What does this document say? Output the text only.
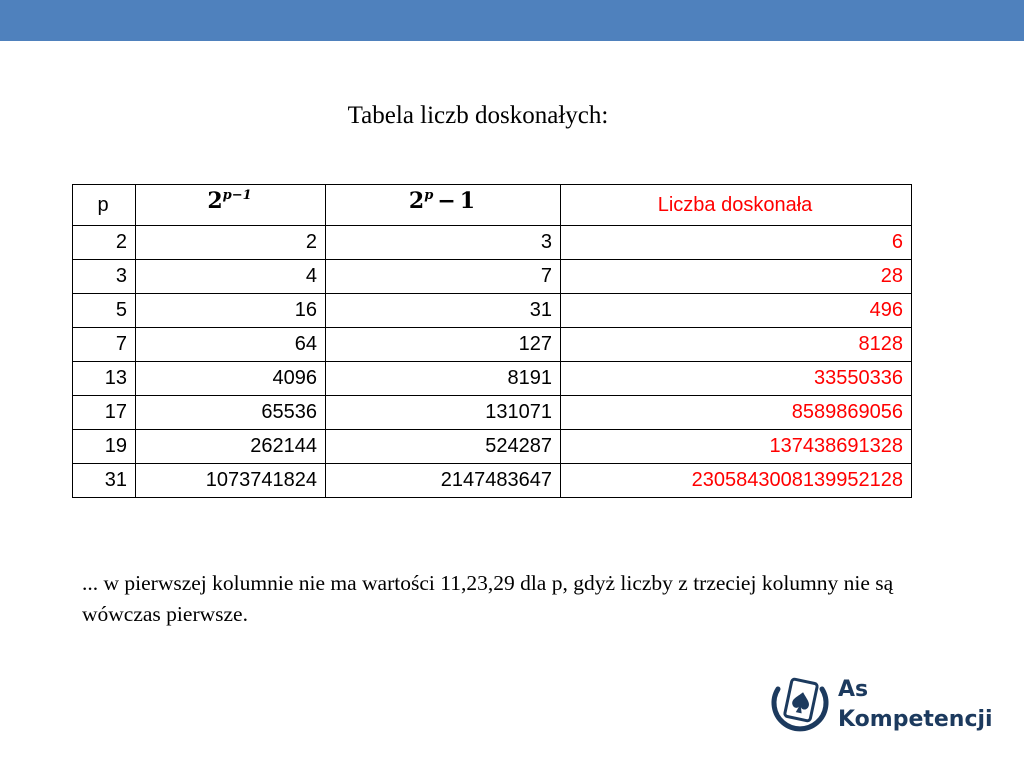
Tabela liczb doskonałych:
p	$2^{p-1}$	$2^p - 1$	Liczba doskonała
2	2	3	6
3	4	7	28
5	16	31	496
7	64	127	8128
13	4096	8191	33550336
17	65536	131071	8589869056
19	262144	524287	137438691328
31	1073741824	2147483647	2305843008139952128
... w pierwszej kolumnie nie ma wartości 11,23,29 dla p, gdyż liczby z trzeciej kolumny nie są wówczas pierwsze.
As
Kompetencji
